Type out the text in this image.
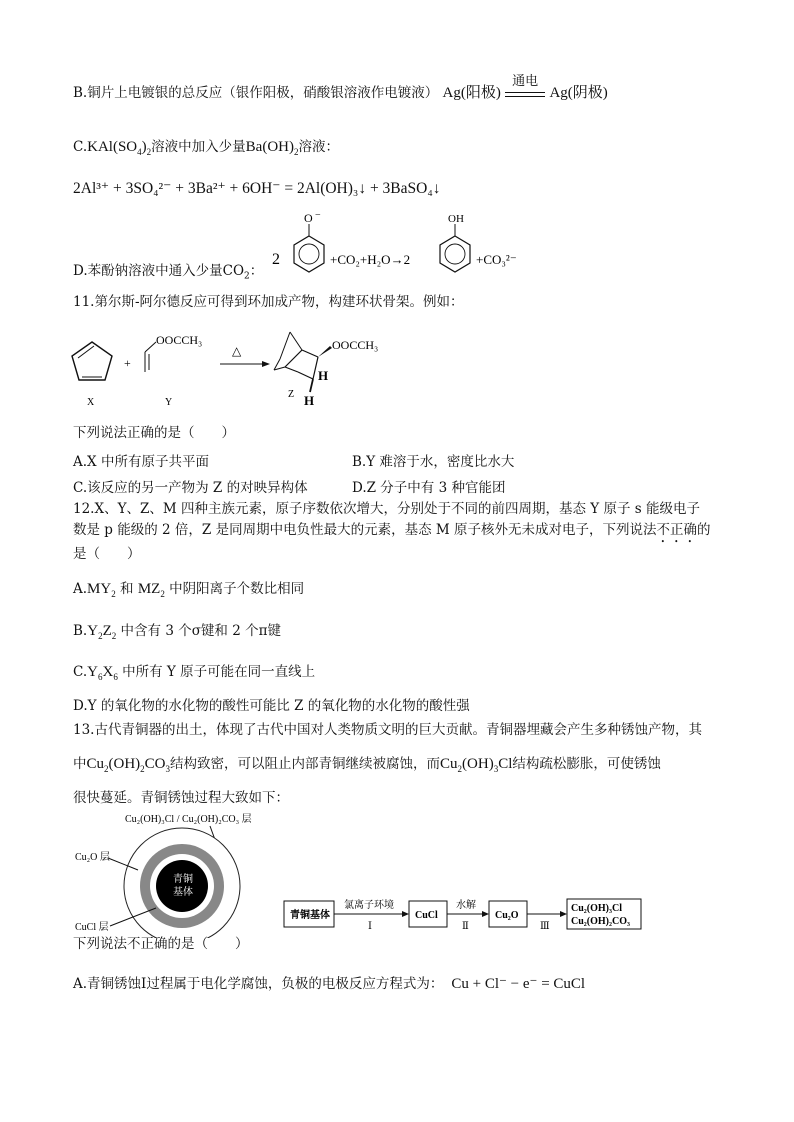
B.铜片上电镀银的总反应（银作阳极，硝酸银溶液作电镀液） Ag(阳极)
通电
Ag(阴极)
$C.KAl(SO_4)_2$溶液中加入少量$Ba(OH)_2$溶液：
2Al³⁺ + 3SO₄²⁻ + 3Ba²⁺ + 6OH⁻ = 2Al(OH)₃↓ + 3BaSO₄↓
D.苯酚钠溶液中通入少量$CO_2$：
2
O −
+CO₂+H₂O→2
OH
+CO₃²⁻
11.第尔斯-阿尔德反应可得到环加成产物，构建环状骨架。例如：
X
+
OOCCH₃
Y
△	OOCCH₃
H
H
Z
下列说法正确的是（　　）
A.X 中所有原子共平面	B.Y 难溶于水，密度比水大
C.该反应的另一产物为 Z 的对映异构体	D.Z 分子中有 3 种官能团
12.X、Y、Z、M 四种主族元素，原子序数依次增大，分别处于不同的前四周期，基态 Y 原子 s 能级电子
数是 p 能级的 2 倍，Z 是同周期中电负性最大的元素，基态 M 原子核外无未成对电子，下列说法不正确的
是（　　）
$A.MY_2$ 和 $MZ_2$ 中阴阳离子个数比相同
$B.Y_2Z_2$ 中含有 3 个σ键和 2 个π键
$C.Y_6X_6$ 中所有 Y 原子可能在同一直线上
D.Y 的氧化物的水化物的酸性可能比 Z 的氧化物的水化物的酸性强
13.古代青铜器的出土，体现了古代中国对人类物质文明的巨大贡献。青铜器埋藏会产生多种锈蚀产物，其
中$Cu_2(OH)_2CO_3$结构致密，可以阻止内部青铜继续被腐蚀，而$Cu_2(OH)_3Cl$结构疏松膨胀，可使锈蚀
很快蔓延。青铜锈蚀过程大致如下：
Cu₂(OH)₃Cl / Cu₂(OH)₂CO₃ 层
青铜
基体
Cu₂O 层
CuCl 层
青铜基体
氯离子环境
Ⅰ
CuCl
水解
Ⅱ
Cu₂O
Ⅲ
Cu₂(OH)₃Cl
Cu₂(OH)₂CO₃
下列说法不正确的是（　　）
A.青铜锈蚀Ⅰ过程属于电化学腐蚀，负极的电极反应方程式为： Cu + Cl⁻ − e⁻ = CuCl
